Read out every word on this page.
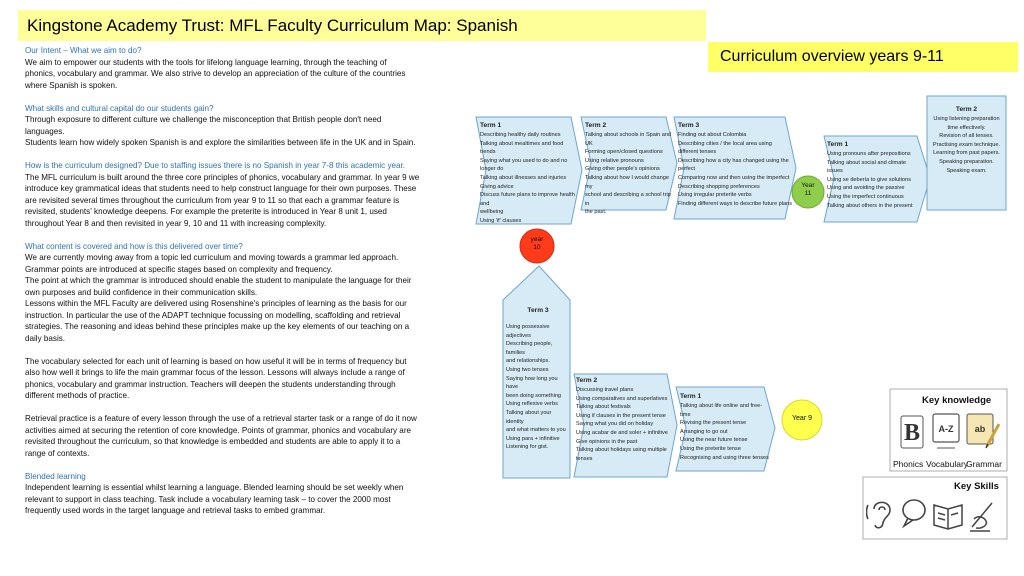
Kingstone Academy Trust: MFL Faculty Curriculum Map: Spanish
Curriculum overview years 9-11

Our Intent – What we aim to do?
We aim to empower our students with the tools for lifelong language learning, through the teaching of
phonics, vocabulary and grammar. We also strive to develop an appreciation of the culture of the countries
where Spanish is spoken.

What skills and cultural capital do our students gain?
Through exposure to different culture we challenge the misconception that British people don't need
languages.
Students learn how widely spoken Spanish is and explore the similarities between life in the UK and in Spain.

How is the curriculum designed? Due to staffing issues there is no Spanish in year 7-8 this academic year.
The MFL curriculum is built around the three core principles of phonics, vocabulary and grammar. In year 9 we
introduce key grammatical ideas that students need to help construct language for their own purposes. These
are revisited several times throughout the curriculum from year 9 to 11 so that each a grammar feature is
revisited, students' knowledge deepens. For example the preterite is introduced in Year 8 unit 1, used
throughout Year 8 and then revisited in year 9, 10 and 11 with increasing complexity.

What content is covered and how is this delivered over time?
We are currently moving away from a topic led curriculum and moving towards a grammar led approach.
Grammar points are introduced at specific stages based on complexity and frequency.
The point at which the grammar is introduced should enable the student to manipulate the language for their
own purposes and build confidence in their communication skills.
Lessons within the MFL Faculty are delivered using Rosenshine's principles of learning as the basis for our
instruction. In particular the use of the ADAPT technique focussing on modelling, scaffolding and retrieval
strategies. The reasoning and ideas behind these principles make up the key elements of our teaching on a
daily basis.

The vocabulary selected for each unit of learning is based on how useful it will be in terms of frequency but
also how well it brings to life the main grammar focus of the lesson. Lessons will always include a range of
phonics, vocabulary and grammar instruction. Teachers will deepen the students understanding through
different methods of practice.

Retrieval practice is a feature of every lesson through the use of a retrieval starter task or a range of do it now
activities aimed at securing the retention of core knowledge. Points of grammar, phonics and vocabulary are
revisited throughout the curriculum, so that knowledge is embedded and students are able to apply it to a
range of contexts.

Blended learning
Independent learning is essential whilst learning a language. Blended learning should be set weekly when
relevant to support in class teaching. Task include a vocabulary learning task – to cover the 2000 most
frequently used words in the target language and retrieval tasks to embed grammar.

Term 1
Describing healthy daily routines
Talking about mealtimes and food trends
Saying what you used to do and no longer do
Talking about illnesses and injuries
Giving advice
Discuss future plans to improve health and
wellbeing
Using 'if' clauses
Term 2
Talking about schools in Spain and UK
Forming open/closed questions
Using relative pronouns
Giving other people's opinions
Talking about how I would change my
school and describing a school trip in
the past.
Term 3
Finding out about Colombia
Describing cities / the local area using different tenses
Describing how a city has changed using the perfect
Comparing now and then using the imperfect
Describing shopping preferences
Using irregular preterite verbs
Finding different ways to describe future plans
Year
11
Term 1
Using pronouns after prepositions
Talking about social and climate issues
Using se debería to give solutions
Using and avoiding the passive
Using the imperfect continuous
Talking about others in the present
Term 2
Using listening preparation
time effectively.
Revision of all tenses.
Practising exam technique.
Learning from past papers.
Speaking preparation.
Speaking exam.
year
10
Term 3
Using possessive adjectives
Describing people, families
and relationships.
Using two tenses
Saying how long you have
been doing something
Using reflexive verbs
Talking about your identity
and what matters to you
Using para + infinitive
Listening for gist.
Term 2
Discussing travel plans
Using comparatives and superlatives
Talking about festivals
Using if clauses in the present tense
Saying what you did on holiday
Using acabar de and soler + infinitive
Give opinions in the past
Talking about holidays using multiple tenses
Term 1
Talking about life online and free-time
Revising the present tense
Arranging to go out
Using the near future tense
Using the preterite tense
Recognising and using three tenses
Year 9
Key knowledge
B A-Z ab
Phonics Vocabulary
Grammar
Key Skills
